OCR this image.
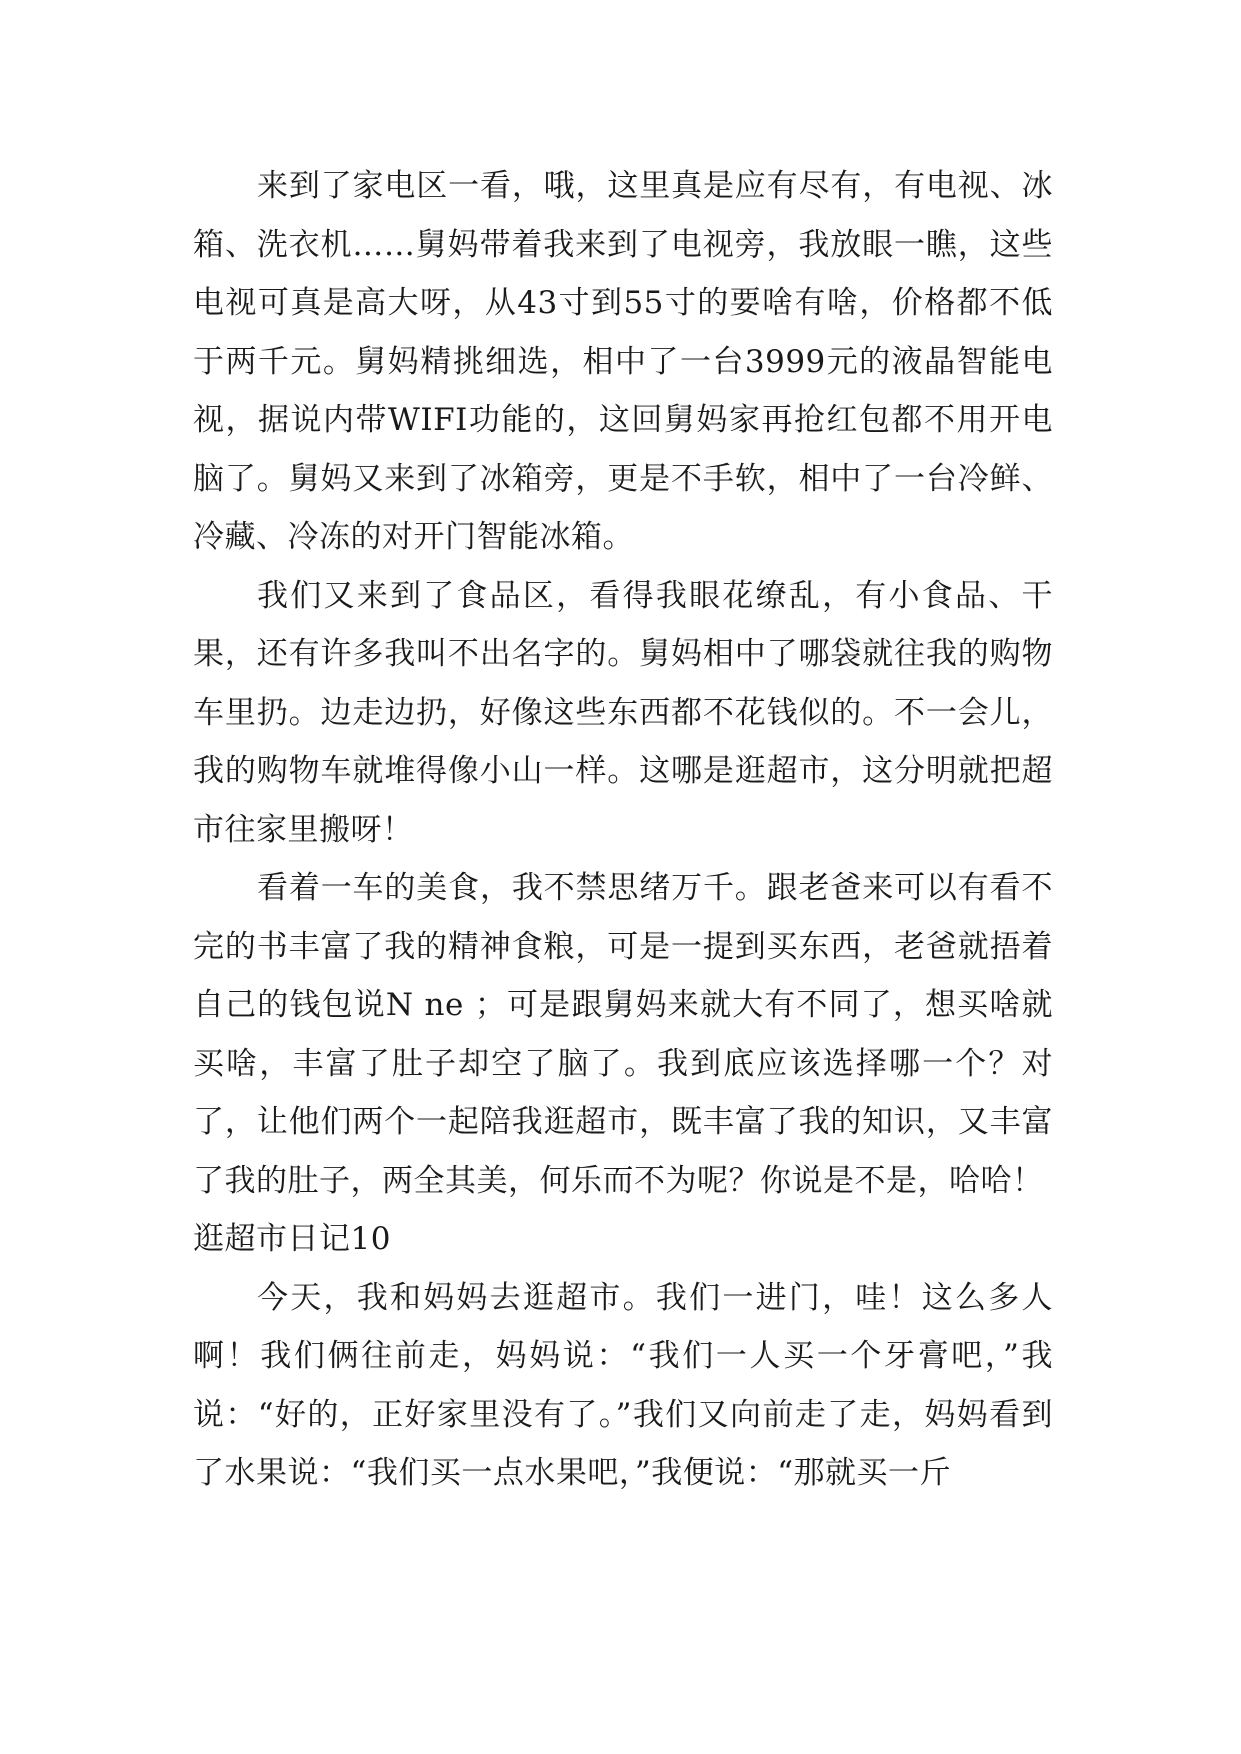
来到了家电区一看，哦，这里真是应有尽有，有电视、冰箱、洗衣机……舅妈带着我来到了电视旁，我放眼一瞧，这些电视可真是高大呀，从43寸到55寸的要啥有啥，价格都不低于两千元。舅妈精挑细选，相中了一台3999元的液晶智能电视，据说内带WIFI功能的，这回舅妈家再抢红包都不用开电脑了。舅妈又来到了冰箱旁，更是不手软，相中了一台冷鲜、冷藏、冷冻的对开门智能冰箱。

我们又来到了食品区，看得我眼花缭乱，有小食品、干果，还有许多我叫不出名字的。舅妈相中了哪袋就往我的购物车里扔。边走边扔，好像这些东西都不花钱似的。不一会儿，我的购物车就堆得像小山一样。这哪是逛超市，这分明就把超市往家里搬呀！

看着一车的美食，我不禁思绪万千。跟老爸来可以有看不完的书丰富了我的精神食粮，可是一提到买东西，老爸就捂着自己的钱包说N ne ；可是跟舅妈来就大有不同了，想买啥就买啥，丰富了肚子却空了脑了。我到底应该选择哪一个？对了，让他们两个一起陪我逛超市，既丰富了我的知识，又丰富了我的肚子，两全其美，何乐而不为呢？你说是不是，哈哈！

逛超市日记10

今天，我和妈妈去逛超市。我们一进门，哇！这么多人啊！我们俩往前走，妈妈说：“我们一人买一个牙膏吧，”我说：“好的，正好家里没有了。”我们又向前走了走，妈妈看到了水果说：“我们买一点水果吧，”我便说：“那就买一斤
